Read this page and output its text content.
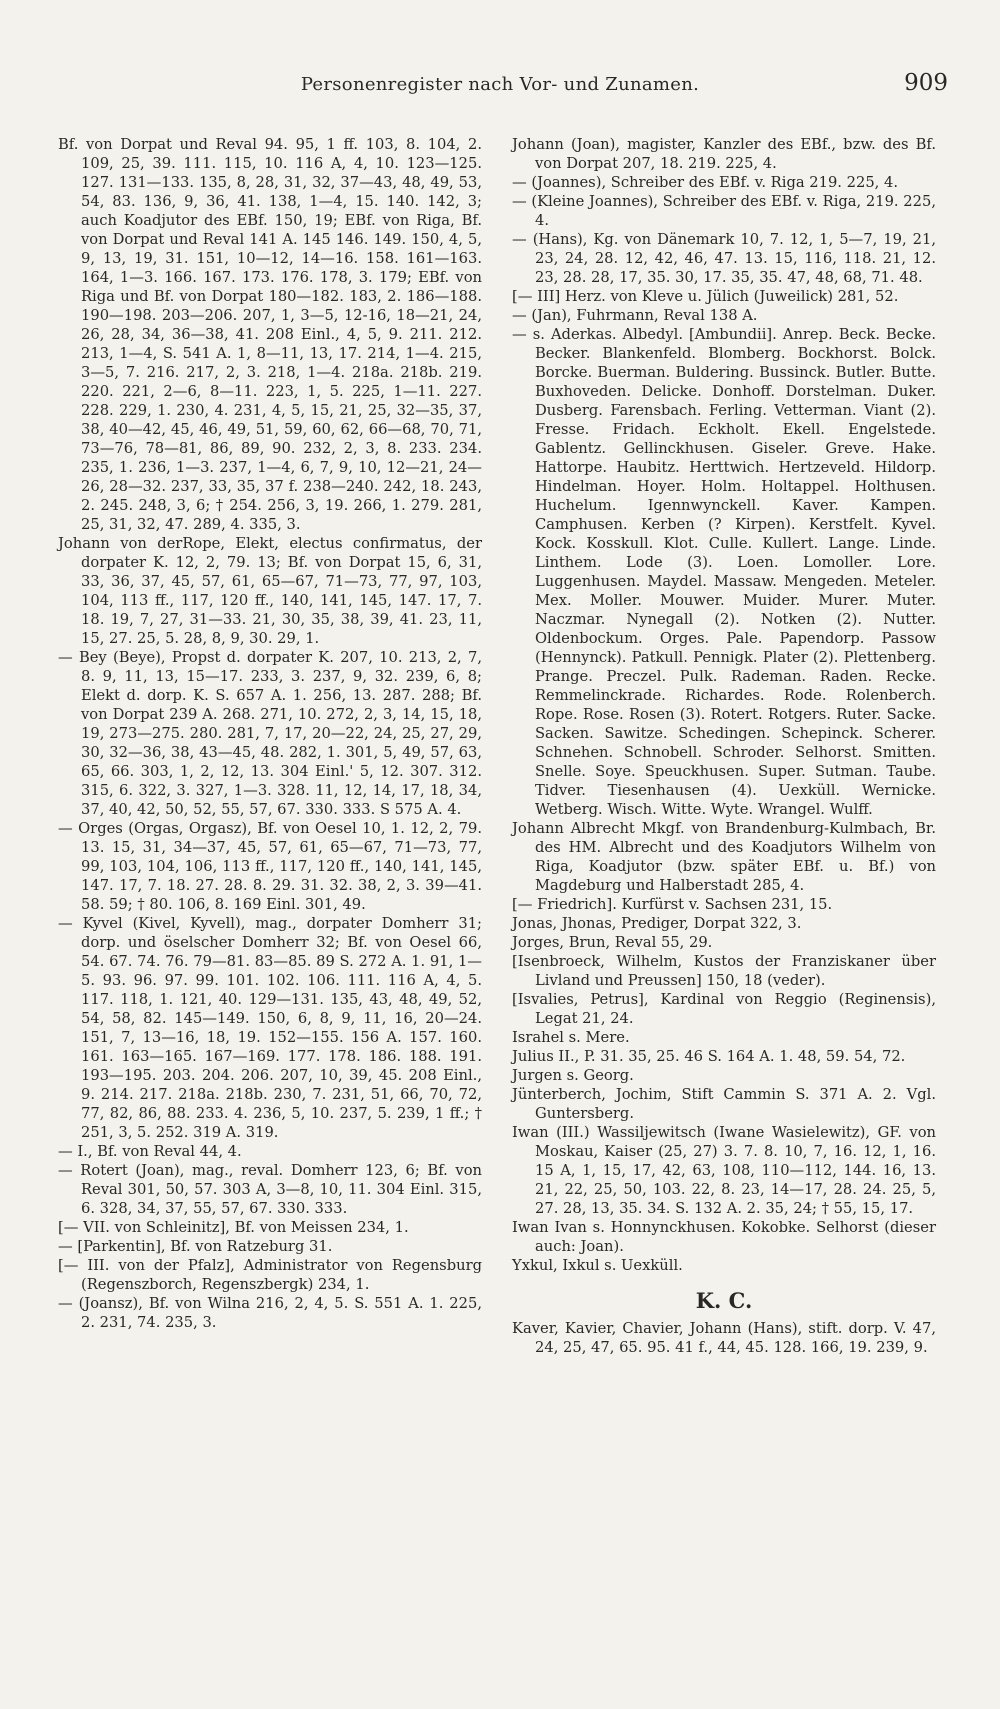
Personenregister nach Vor- und Zunamen.	909

Bf. von Dorpat und Reval 94. 95, 1 ff. 103, 8. 104, 2. 109, 25, 39. 111. 115, 10. 116 A, 4, 10. 123—125. 127. 131—133. 135, 8, 28, 31, 32, 37—43, 48, 49, 53, 54, 83. 136, 9, 36, 41. 138, 1—4, 15. 140. 142, 3; auch Koadjutor des EBf. 150, 19; EBf. von Riga, Bf. von Dorpat und Reval 141 A. 145 146. 149. 150, 4, 5, 9, 13, 19, 31. 151, 10—12, 14—16. 158. 161—163. 164, 1—3. 166. 167. 173. 176. 178, 3. 179; EBf. von Riga und Bf. von Dorpat 180—182. 183, 2. 186—188. 190—198. 203—206. 207, 1, 3—5, 12-16, 18—21, 24, 26, 28, 34, 36—38, 41. 208 Einl., 4, 5, 9. 211. 212. 213, 1—4, S. 541 A. 1, 8—11, 13, 17. 214, 1—4. 215, 3—5, 7. 216. 217, 2, 3. 218, 1—4. 218a. 218b. 219. 220. 221, 2—6, 8—11. 223, 1, 5. 225, 1—11. 227. 228. 229, 1. 230, 4. 231, 4, 5, 15, 21, 25, 32—35, 37, 38, 40—42, 45, 46, 49, 51, 59, 60, 62, 66—68, 70, 71, 73—76, 78—81, 86, 89, 90. 232, 2, 3, 8. 233. 234. 235, 1. 236, 1—3. 237, 1—4, 6, 7, 9, 10, 12—21, 24—26, 28—32. 237, 33, 35, 37 f. 238—240. 242, 18. 243, 2. 245. 248, 3, 6; † 254. 256, 3, 19. 266, 1. 279. 281, 25, 31, 32, 47. 289, 4. 335, 3.

Johann von derRope, Elekt, electus confirmatus, der dorpater K. 12, 2, 79. 13; Bf. von Dorpat 15, 6, 31, 33, 36, 37, 45, 57, 61, 65—67, 71—73, 77, 97, 103, 104, 113 ff., 117, 120 ff., 140, 141, 145, 147. 17, 7. 18. 19, 7, 27, 31—33. 21, 30, 35, 38, 39, 41. 23, 11, 15, 27. 25, 5. 28, 8, 9, 30. 29, 1.

— Bey (Beye), Propst d. dorpater K. 207, 10. 213, 2, 7, 8. 9, 11, 13, 15—17. 233, 3. 237, 9, 32. 239, 6, 8; Elekt d. dorp. K. S. 657 A. 1. 256, 13. 287. 288; Bf. von Dorpat 239 A. 268. 271, 10. 272, 2, 3, 14, 15, 18, 19, 273—275. 280. 281, 7, 17, 20—22, 24, 25, 27, 29, 30, 32—36, 38, 43—45, 48. 282, 1. 301, 5, 49, 57, 63, 65, 66. 303, 1, 2, 12, 13. 304 Einl.' 5, 12. 307. 312. 315, 6. 322, 3. 327, 1—3. 328. 11, 12, 14, 17, 18, 34, 37, 40, 42, 50, 52, 55, 57, 67. 330. 333. S 575 A. 4.

— Orges (Orgas, Orgasz), Bf. von Oesel 10, 1. 12, 2, 79. 13. 15, 31, 34—37, 45, 57, 61, 65—67, 71—73, 77, 99, 103, 104, 106, 113 ff., 117, 120 ff., 140, 141, 145, 147. 17, 7. 18. 27. 28. 8. 29. 31. 32. 38, 2, 3. 39—41. 58. 59; † 80. 106, 8. 169 Einl. 301, 49.

— Kyvel (Kivel, Kyvell), mag., dorpater Domherr 31; dorp. und öselscher Domherr 32; Bf. von Oesel 66, 54. 67. 74. 76. 79—81. 83—85. 89 S. 272 A. 1. 91, 1—5. 93. 96. 97. 99. 101. 102. 106. 111. 116 A, 4, 5. 117. 118, 1. 121, 40. 129—131. 135, 43, 48, 49, 52, 54, 58, 82. 145—149. 150, 6, 8, 9, 11, 16, 20—24. 151, 7, 13—16, 18, 19. 152—155. 156 A. 157. 160. 161. 163—165. 167—169. 177. 178. 186. 188. 191. 193—195. 203. 204. 206. 207, 10, 39, 45. 208 Einl., 9. 214. 217. 218a. 218b. 230, 7. 231, 51, 66, 70, 72, 77, 82, 86, 88. 233. 4. 236, 5, 10. 237, 5. 239, 1 ff.; † 251, 3, 5. 252. 319 A. 319.

— I., Bf. von Reval 44, 4.

— Rotert (Joan), mag., reval. Domherr 123, 6; Bf. von Reval 301, 50, 57. 303 A, 3—8, 10, 11. 304 Einl. 315, 6. 328, 34, 37, 55, 57, 67. 330. 333.

[— VII. von Schleinitz], Bf. von Meissen 234, 1.

— [Parkentin], Bf. von Ratzeburg 31.

[— III. von der Pfalz], Administrator von Regensburg (Regenszborch, Regenszbergk) 234, 1.

— (Joansz), Bf. von Wilna 216, 2, 4, 5. S. 551 A. 1. 225, 2. 231, 74. 235, 3.

Johann (Joan), magister, Kanzler des EBf., bzw. des Bf. von Dorpat 207, 18. 219. 225, 4.

— (Joannes), Schreiber des EBf. v. Riga 219. 225, 4.

— (Kleine Joannes), Schreiber des EBf. v. Riga, 219. 225, 4.

— (Hans), Kg. von Dänemark 10, 7. 12, 1, 5—7, 19, 21, 23, 24, 28. 12, 42, 46, 47. 13. 15, 116, 118. 21, 12. 23, 28. 28, 17, 35. 30, 17. 35, 35. 47, 48, 68, 71. 48.

[— III] Herz. von Kleve u. Jülich (Juweilick) 281, 52.

— (Jan), Fuhrmann, Reval 138 A.

— s. Aderkas. Albedyl. [Ambundii]. Anrep. Beck. Becke. Becker. Blankenfeld. Blomberg. Bockhorst. Bolck. Borcke. Buerman. Buldering. Bussinck. Butler. Butte. Buxhoveden. Delicke. Donhoff. Dorstelman. Duker. Dusberg. Farensbach. Ferling. Vetterman. Viant (2). Fresse. Fridach. Eckholt. Ekell. Engelstede. Gablentz. Gellinckhusen. Giseler. Greve. Hake. Hattorpe. Haubitz. Herttwich. Hertzeveld. Hildorp. Hindelman. Hoyer. Holm. Holtappel. Holthusen. Huchelum. Igennwynckell. Kaver. Kampen. Camphusen. Kerben (? Kirpen). Kerstfelt. Kyvel. Kock. Kosskull. Klot. Culle. Kullert. Lange. Linde. Linthem. Lode (3). Loen. Lomoller. Lore. Luggenhusen. Maydel. Massaw. Mengeden. Meteler. Mex. Moller. Mouwer. Muider. Murer. Muter. Naczmar. Nynegall (2). Notken (2). Nutter. Oldenbockum. Orges. Pale. Papendorp. Passow (Hennynck). Patkull. Pennigk. Plater (2). Plettenberg. Prange. Preczel. Pulk. Rademan. Raden. Recke. Remmelinckrade. Richardes. Rode. Rolenberch. Rope. Rose. Rosen (3). Rotert. Rotgers. Ruter. Sacke. Sacken. Sawitze. Schedingen. Schepinck. Scherer. Schnehen. Schnobell. Schroder. Selhorst. Smitten. Snelle. Soye. Speuckhusen. Super. Sutman. Taube. Tidver. Tiesenhausen (4). Uexküll. Wernicke. Wetberg. Wisch. Witte. Wyte. Wrangel. Wulff.

Johann Albrecht Mkgf. von Brandenburg-Kulmbach, Br. des HM. Albrecht und des Koadjutors Wilhelm von Riga, Koadjutor (bzw. später EBf. u. Bf.) von Magdeburg und Halberstadt 285, 4.

[— Friedrich]. Kurfürst v. Sachsen 231, 15.

Jonas, Jhonas, Prediger, Dorpat 322, 3.

Jorges, Brun, Reval 55, 29.

[Isenbroeck, Wilhelm, Kustos der Franziskaner über Livland und Preussen] 150, 18 (veder).

[Isvalies, Petrus], Kardinal von Reggio (Reginensis), Legat 21, 24.

Israhel s. Mere.

Julius II., P. 31. 35, 25. 46 S. 164 A. 1. 48, 59. 54, 72.

Jurgen s. Georg.

Jünterberch, Jochim, Stift Cammin S. 371 A. 2. Vgl. Guntersberg.

Iwan (III.) Wassiljewitsch (Iwane Wasielewitz), GF. von Moskau, Kaiser (25, 27) 3. 7. 8. 10, 7, 16. 12, 1, 16. 15 A, 1, 15, 17, 42, 63, 108, 110—112, 144. 16, 13. 21, 22, 25, 50, 103. 22, 8. 23, 14—17, 28. 24. 25, 5, 27. 28, 13, 35. 34. S. 132 A. 2. 35, 24; † 55, 15, 17.

Iwan Ivan s. Honnynckhusen. Kokobke. Selhorst (dieser auch: Joan).

Yxkul, Ixkul s. Uexküll.

K. C.

Kaver, Kavier, Chavier, Johann (Hans), stift. dorp. V. 47, 24, 25, 47, 65. 95. 41 f., 44, 45. 128. 166, 19. 239, 9.
